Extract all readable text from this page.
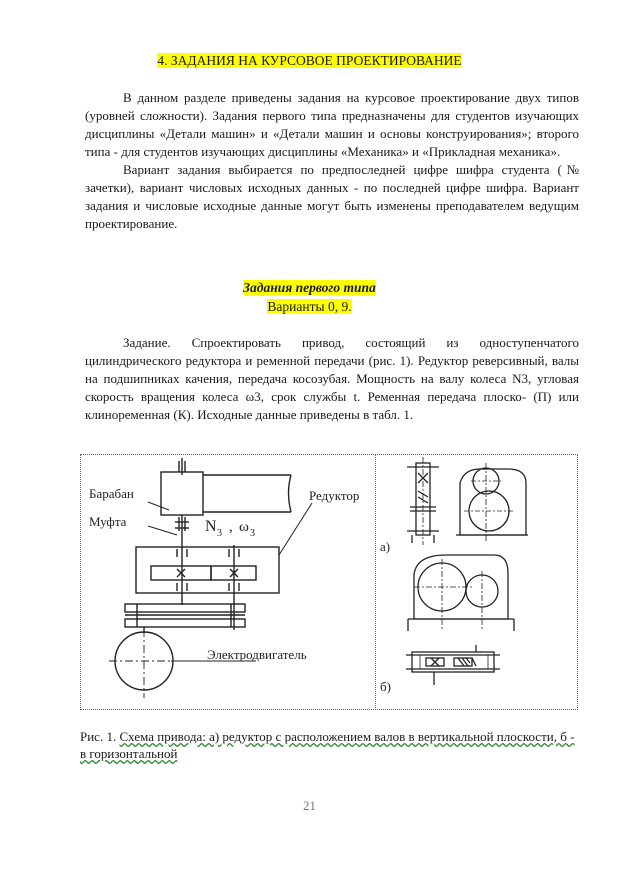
4. ЗАДАНИЯ НА КУРСОВОЕ ПРОЕКТИРОВАНИЕ

В данном разделе приведены задания на курсовое проектирование двух типов (уровней сложности). Задания первого типа предназначены для студентов изучающих дисциплины «Детали машин» и «Детали машин и основы конструирования»; второго типа - для студентов изучающих дисциплины «Механика» и «Прикладная механика».

Вариант задания выбирается по предпоследней цифре шифра студента (№ зачетки), вариант числовых исходных данных - по последней цифре шифра. Вариант задания и числовые исходные данные могут быть изменены преподавателем ведущим проектирование.

Задания первого типа
Варианты 0, 9.

Задание. Спроектировать привод, состоящий из одноступенчатого цилиндрического редуктора и ременной передачи (рис. 1). Редуктор реверсивный, валы на подшипниках качения, передача косозубая. Мощность на валу колеса N3, угловая скорость вращения колеса ω3, срок службы t. Ременная передача плоско- (П) или клиноременная (К). Исходные данные приведены в табл. 1.

Барабан
Муфта
Редуктор
Электродвигатель
N 3 , ω 3
а)
б)
Рис. 1. Схема привода: а) редуктор с расположением валов в вертикальной плоскости, б - в горизонтальной
21
